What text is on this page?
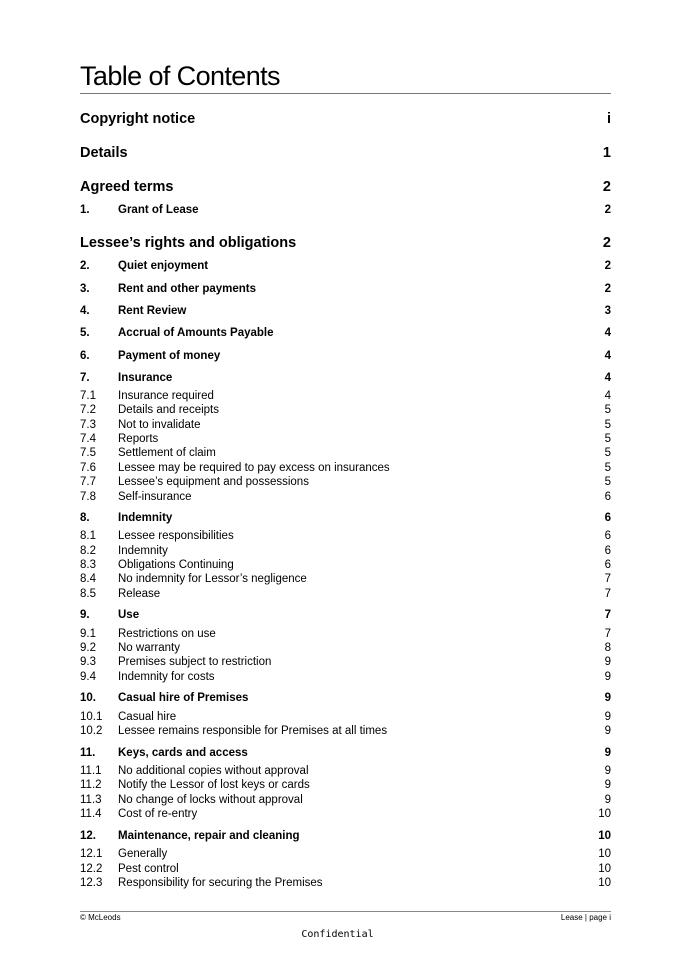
Table of Contents
Copyright notice	i
Details	1
Agreed terms	2
1.	Grant of Lease	2
Lessee’s rights and obligations	2
2.	Quiet enjoyment	2
3.	Rent and other payments	2
4.	Rent Review	3
5.	Accrual of Amounts Payable	4
6.	Payment of money	4
7.	Insurance	4
7.1	Insurance required	4
7.2	Details and receipts	5
7.3	Not to invalidate	5
7.4	Reports	5
7.5	Settlement of claim	5
7.6	Lessee may be required to pay excess on insurances	5
7.7	Lessee’s equipment and possessions	5
7.8	Self-insurance	6
8.	Indemnity	6
8.1	Lessee responsibilities	6
8.2	Indemnity	6
8.3	Obligations Continuing	6
8.4	No indemnity for Lessor’s negligence	7
8.5	Release	7
9.	Use	7
9.1	Restrictions on use	7
9.2	No warranty	8
9.3	Premises subject to restriction	9
9.4	Indemnity for costs	9
10.	Casual hire of Premises	9
10.1	Casual hire	9
10.2	Lessee remains responsible for Premises at all times	9
11.	Keys, cards and access	9
11.1	No additional copies without approval	9
11.2	Notify the Lessor of lost keys or cards	9
11.3	No change of locks without approval	9
11.4	Cost of re-entry	10
12.	Maintenance, repair and cleaning	10
12.1	Generally	10
12.2	Pest control	10
12.3	Responsibility for securing the Premises	10
© McLeods	Lease | page i
Confidential
